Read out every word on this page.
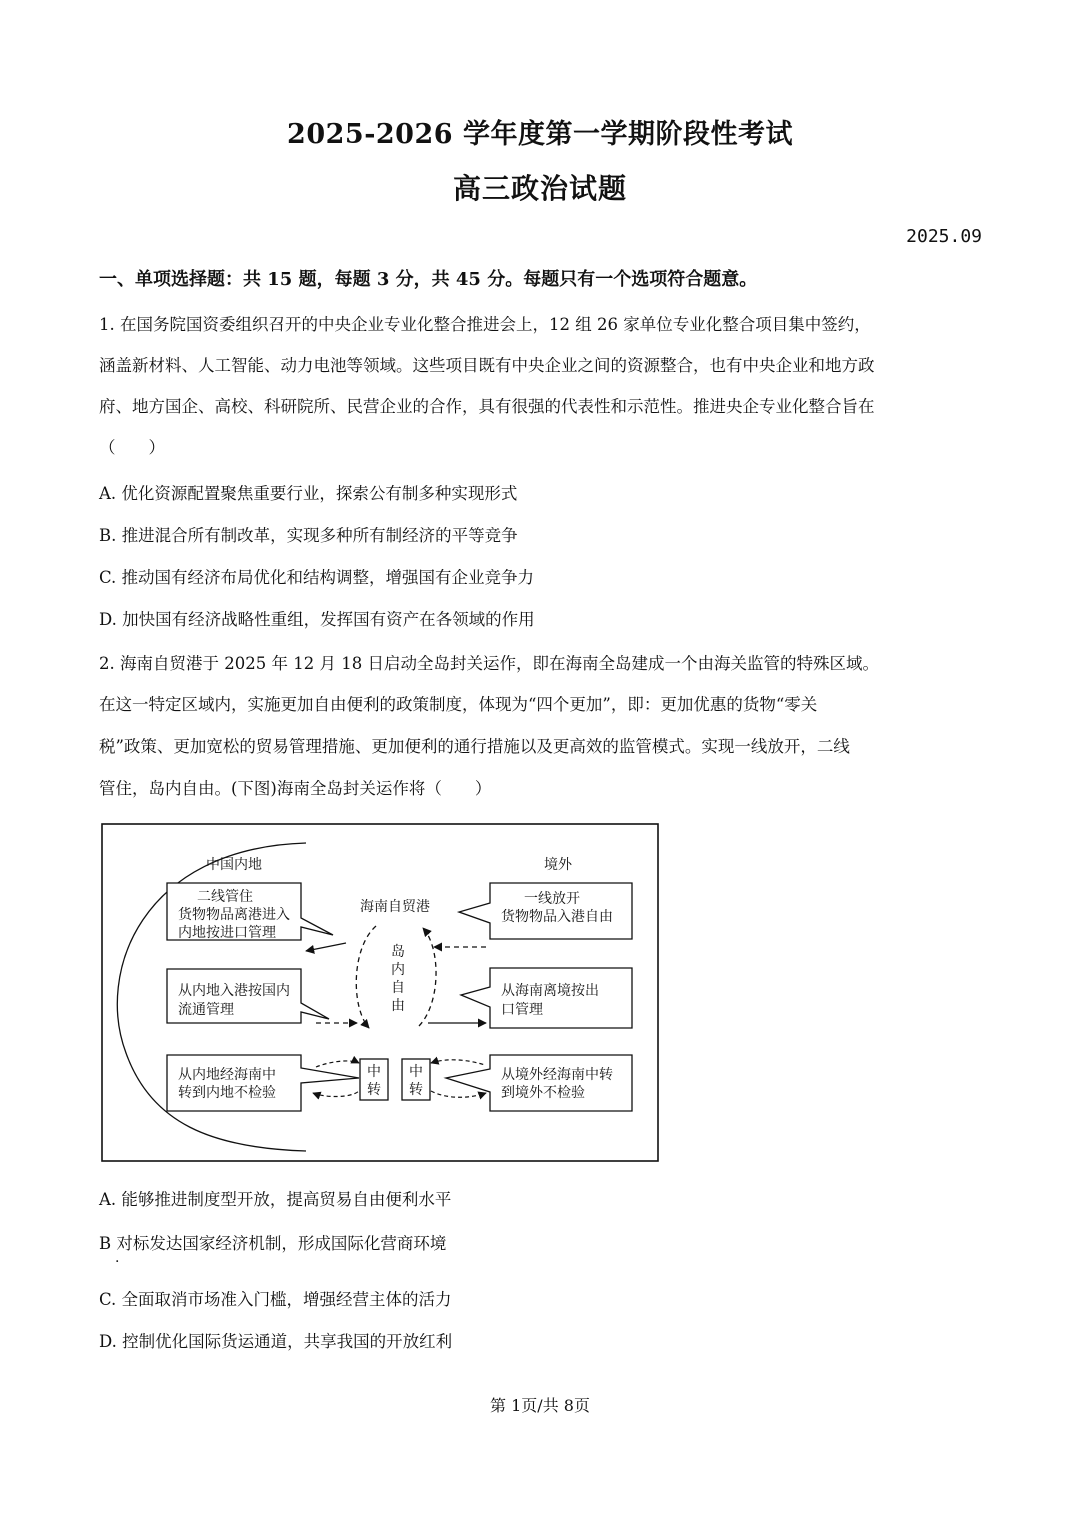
2025-2026 学年度第一学期阶段性考试
高三政治试题
2025.09
一、单项选择题：共 15 题，每题 3 分，共 45 分。每题只有一个选项符合题意。
1. 在国务院国资委组织召开的中央企业专业化整合推进会上，12 组 26 家单位专业化整合项目集中签约，
涵盖新材料、人工智能、动力电池等领域。这些项目既有中央企业之间的资源整合，也有中央企业和地方政
府、地方国企、高校、科研院所、民营企业的合作，具有很强的代表性和示范性。推进央企专业化整合旨在
（　　）
A. 优化资源配置聚焦重要行业，探索公有制多种实现形式
B. 推进混合所有制改革，实现多种所有制经济的平等竞争
C. 推动国有经济布局优化和结构调整，增强国有企业竞争力
D. 加快国有经济战略性重组，发挥国有资产在各领域的作用
2. 海南自贸港于 2025 年 12 月 18 日启动全岛封关运作，即在海南全岛建成一个由海关监管的特殊区域。
在这一特定区域内，实施更加自由便利的政策制度，体现为“四个更加”，即：更加优惠的货物“零关
税”政策、更加宽松的贸易管理措施、更加便利的通行措施以及更高效的监管模式。实现一线放开，二线
管住，岛内自由。(下图)海南全岛封关运作将（　　）
中国内地	境外
海南自贸港
岛
内
自
由
二线管住
货物物品离港进入
内地按进口管理
一线放开
货物物品入港自由
从内地入港按国内
流通管理
从海南离境按出
口管理
从内地经海南中
转到内地不检验
从境外经海南中转
到境外不检验
中
转
中
转
A. 能够推进制度型开放，提高贸易自由便利水平
B 对标发达国家经济机制，形成国际化营商环境
·
C. 全面取消市场准入门槛，增强经营主体的活力
D. 控制优化国际货运通道，共享我国的开放红利
第 1页/共 8页
